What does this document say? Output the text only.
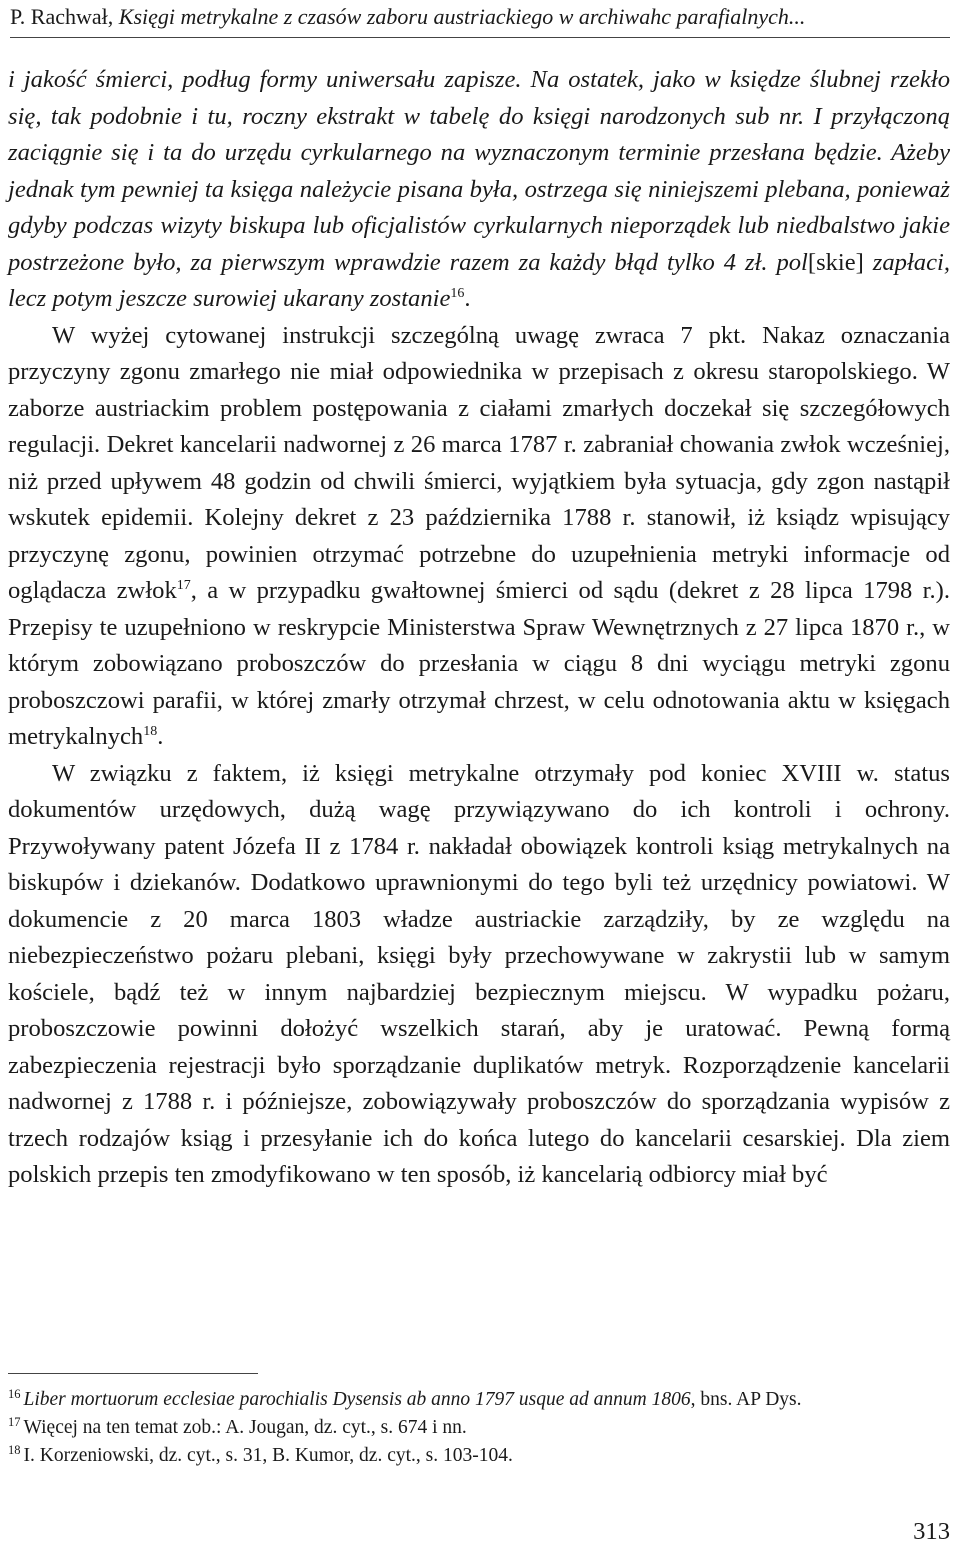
P. Rachwał, Księgi metrykalne z czasów zaboru austriackiego w archiwahc parafialnych...

i jakość śmierci, podług formy uniwersału zapisze. Na ostatek, jako w księdze ślubnej rzekło się, tak podobnie i tu, roczny ekstrakt w tabelę do księgi narodzonych sub nr. I przyłączoną zaciągnie się i ta do urzędu cyrkularnego na wyznaczonym terminie przesłana będzie. Ażeby jednak tym pewniej ta księga należycie pisana była, ostrzega się niniejszemi plebana, ponieważ gdyby podczas wizyty biskupa lub oficjalistów cyrkularnych nieporządek lub niedbalstwo jakie postrzeżone było, za pierwszym wprawdzie razem za każdy błąd tylko 4 zł. pol[skie] zapłaci, lecz potym jeszcze surowiej ukarany zostanie$^{16}$.

W wyżej cytowanej instrukcji szczególną uwagę zwraca 7 pkt. Nakaz oznaczania przyczyny zgonu zmarłego nie miał odpowiednika w przepisach z okresu staropolskiego. W zaborze austriackim problem postępowania z ciałami zmarłych doczekał się szczegółowych regulacji. Dekret kancelarii nadwornej z 26 marca 1787 r. zabraniał chowania zwłok wcześniej, niż przed upływem 48 godzin od chwili śmierci, wyjątkiem była sytuacja, gdy zgon nastąpił wskutek epidemii. Kolejny dekret z 23 października 1788 r. stanowił, iż ksiądz wpisujący przyczynę zgonu, powinien otrzymać potrzebne do uzupełnienia metryki informacje od oglądacza zwłok$^{17}$, a w przypadku gwałtownej śmierci od sądu (dekret z 28 lipca 1798 r.). Przepisy te uzupełniono w reskrypcie Ministerstwa Spraw Wewnętrznych z 27 lipca 1870 r., w którym zobowiązano proboszczów do przesłania w ciągu 8 dni wyciągu metryki zgonu proboszczowi parafii, w której zmarły otrzymał chrzest, w celu odnotowania aktu w księgach metrykalnych$^{18}$.

W związku z faktem, iż księgi metrykalne otrzymały pod koniec XVIII w. status dokumentów urzędowych, dużą wagę przywiązywano do ich kontroli i ochrony. Przywoływany patent Józefa II z 1784 r. nakładał obowiązek kontroli ksiąg metrykalnych na biskupów i dziekanów. Dodatkowo uprawnionymi do tego byli też urzędnicy powiatowi. W dokumencie z 20 marca 1803 władze austriackie zarządziły, by ze względu na niebezpieczeństwo pożaru plebani, księgi były przechowywane w zakrystii lub w samym kościele, bądź też w innym najbardziej bezpiecznym miejscu. W wypadku pożaru, proboszczowie powinni dołożyć wszelkich starań, aby je uratować. Pewną formą zabezpieczenia rejestracji było sporządzanie duplikatów metryk. Rozporządzenie kancelarii nadwornej z 1788 r. i późniejsze, zobowiązywały proboszczów do sporządzania wypisów z trzech rodzajów ksiąg i przesyłanie ich do końca lutego do kancelarii cesarskiej. Dla ziem polskich przepis ten zmodyfikowano w ten sposób, iż kancelarią odbiorcy miał być

$^{16}$ Liber mortuorum ecclesiae parochialis Dysensis ab anno 1797 usque ad annum 1806, bns. AP Dys.

$^{17}$ Więcej na ten temat zob.: A. Jougan, dz. cyt., s. 674 i nn.

$^{18}$ I. Korzeniowski, dz. cyt., s. 31, B. Kumor, dz. cyt., s. 103-104.

313
